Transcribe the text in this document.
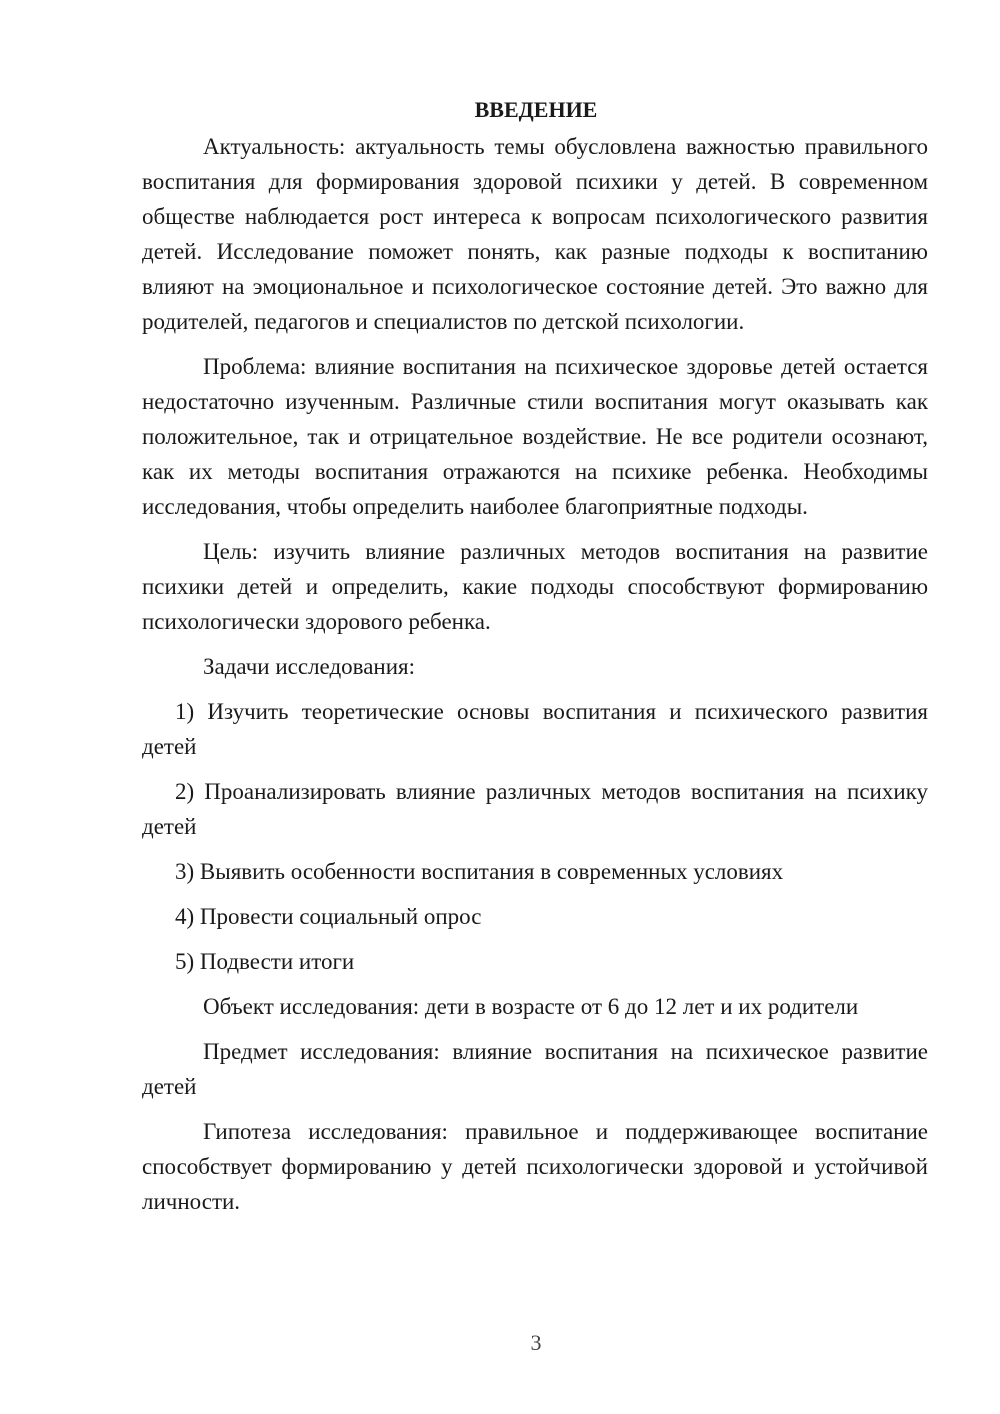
ВВЕДЕНИЕ

Актуальность: актуальность темы обусловлена важностью правильного воспитания для формирования здоровой психики у детей. В современном обществе наблюдается рост интереса к вопросам психологического развития детей. Исследование поможет понять, как разные подходы к воспитанию влияют на эмоциональное и психологическое состояние детей. Это важно для родителей, педагогов и специалистов по детской психологии.

Проблема: влияние воспитания на психическое здоровье детей остается недостаточно изученным. Различные стили воспитания могут оказывать как положительное, так и отрицательное воздействие. Не все родители осознают, как их методы воспитания отражаются на психике ребенка. Необходимы исследования, чтобы определить наиболее благоприятные подходы.

Цель: изучить влияние различных методов воспитания на развитие психики детей и определить, какие подходы способствуют формированию психологически здорового ребенка.

Задачи исследования:

1) Изучить теоретические основы воспитания и психического развития детей

2) Проанализировать влияние различных методов воспитания на психику детей

3) Выявить особенности воспитания в современных условиях

4) Провести социальный опрос

5) Подвести итоги

Объект исследования: дети в возрасте от 6 до 12 лет и их родители

Предмет исследования: влияние воспитания на психическое развитие детей

Гипотеза исследования: правильное и поддерживающее воспитание способствует формированию у детей психологически здоровой и устойчивой личности.

3
